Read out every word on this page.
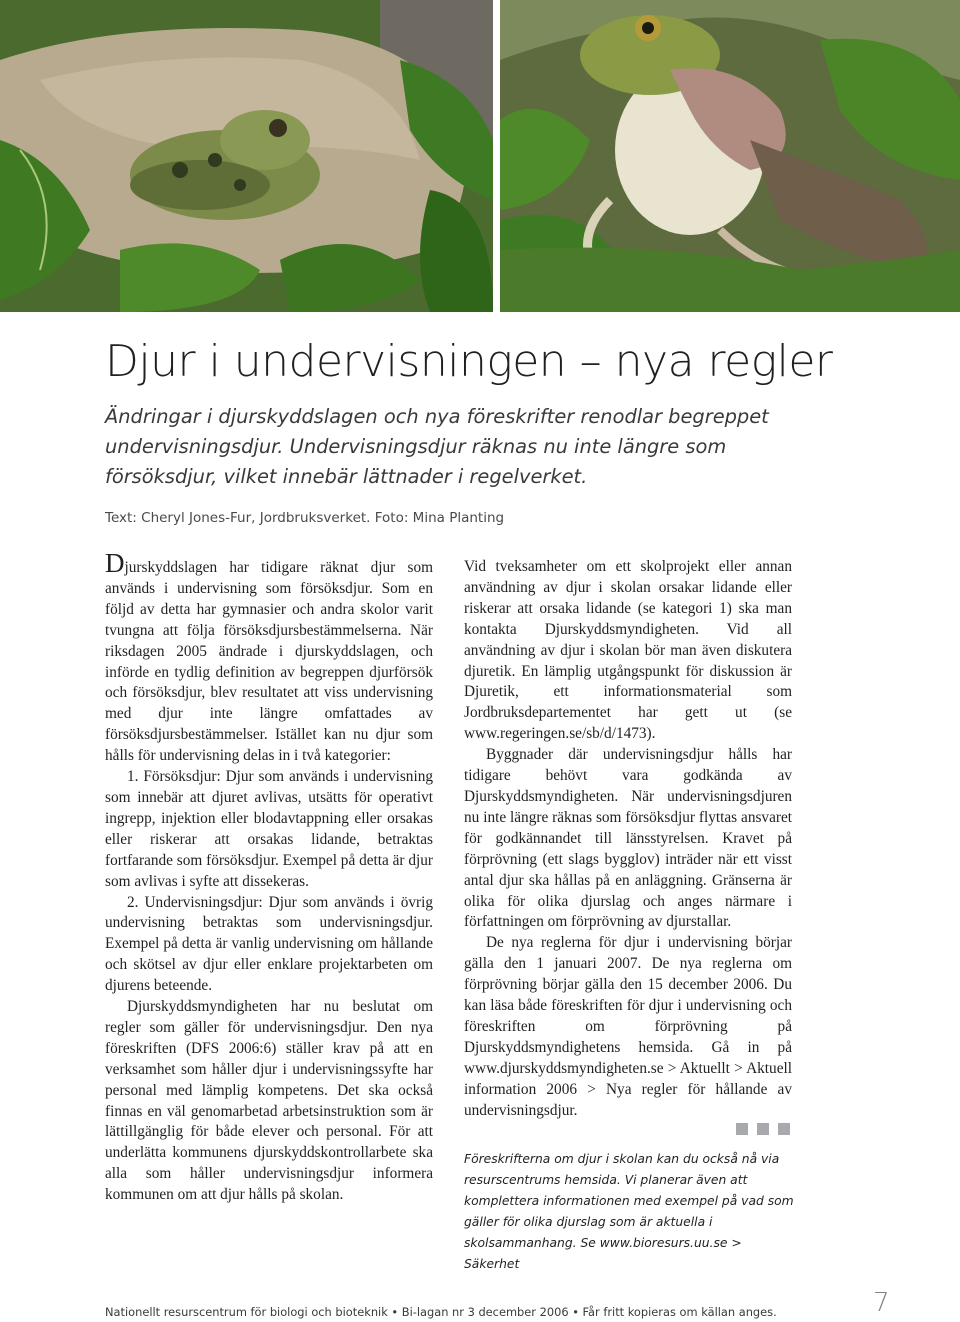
Djur i undervisningen – nya regler
Ändringar i djurskyddslagen och nya föreskrifter renodlar begreppet undervisningsdjur. Undervisningsdjur räknas nu inte längre som försöksdjur, vilket innebär lättnader i regelverket.
Text: Cheryl Jones-Fur, Jordbruksverket. Foto: Mina Planting

Djurskyddslagen har tidigare räknat djur som används i undervisning som försöksdjur. Som en följd av detta har gymnasier och andra skolor varit tvungna att följa försöksdjursbestämmelserna. När riksdagen 2005 ändrade i djurskyddslagen, och införde en tydlig definition av begreppen djurförsök och försöksdjur, blev resultatet att viss undervisning med djur inte längre omfattades av försöksdjursbestämmelser. Istället kan nu djur som hålls för undervisning delas in i två kategorier:

1. Försöksdjur: Djur som används i undervisning som innebär att djuret avlivas, utsätts för operativt ingrepp, injektion eller blodavtappning eller orsakas eller riskerar att orsakas lidande, betraktas fortfarande som försöksdjur. Exempel på detta är djur som avlivas i syfte att dissekeras.

2. Undervisningsdjur: Djur som används i övrig undervisning betraktas som undervisningsdjur. Exempel på detta är vanlig undervisning om hållande och skötsel av djur eller enklare projektarbeten om djurens beteende.

Djurskyddsmyndigheten har nu beslutat om regler som gäller för undervisningsdjur. Den nya föreskriften (DFS 2006:6) ställer krav på att en verksamhet som håller djur i undervisningssyfte har personal med lämplig kompetens. Det ska också finnas en väl genomarbetad arbetsinstruktion som är lättillgänglig för både elever och personal. För att underlätta kommunens djurskyddskontrollarbete ska alla som håller undervisningsdjur informera kommunen om att djur hålls på skolan.

Vid tveksamheter om ett skolprojekt eller annan användning av djur i skolan orsakar lidande eller riskerar att orsaka lidande (se kategori 1) ska man kontakta Djurskyddsmyndigheten. Vid all användning av djur i skolan bör man även diskutera djuretik. En lämplig utgångspunkt för diskussion är Djuretik, ett informationsmaterial som Jordbruksdepartementet har gett ut (se www.regeringen.se/sb/d/1473).

Byggnader där undervisningsdjur hålls har tidigare behövt vara godkända av Djurskyddsmyndigheten. När undervisningsdjuren nu inte längre räknas som försöksdjur flyttas ansvaret för godkännandet till länsstyrelsen. Kravet på förprövning (ett slags bygglov) inträder när ett visst antal djur ska hållas på en anläggning. Gränserna är olika för olika djurslag och anges närmare i författningen om förprövning av djurstallar.

De nya reglerna för djur i undervisning börjar gälla den 1 januari 2007. De nya reglerna om förprövning börjar gälla den 15 december 2006. Du kan läsa både föreskriften för djur i undervisning och föreskriften om förprövning på Djurskyddsmyndighetens hemsida. Gå in på www.djurskyddsmyndigheten.se > Aktuellt > Aktuell information 2006 > Nya regler för hållande av undervisningsdjur.

Föreskrifterna om djur i skolan kan du också nå via resurscentrums hemsida. Vi planerar även att komplettera informationen med exempel på vad som gäller för olika djurslag som är aktuella i skolsammanhang. Se www.bioresurs.uu.se > Säkerhet
Nationellt resurscentrum för biologi och bioteknik • Bi-lagan nr 3 december 2006 • Får fritt kopieras om källan anges.	7
